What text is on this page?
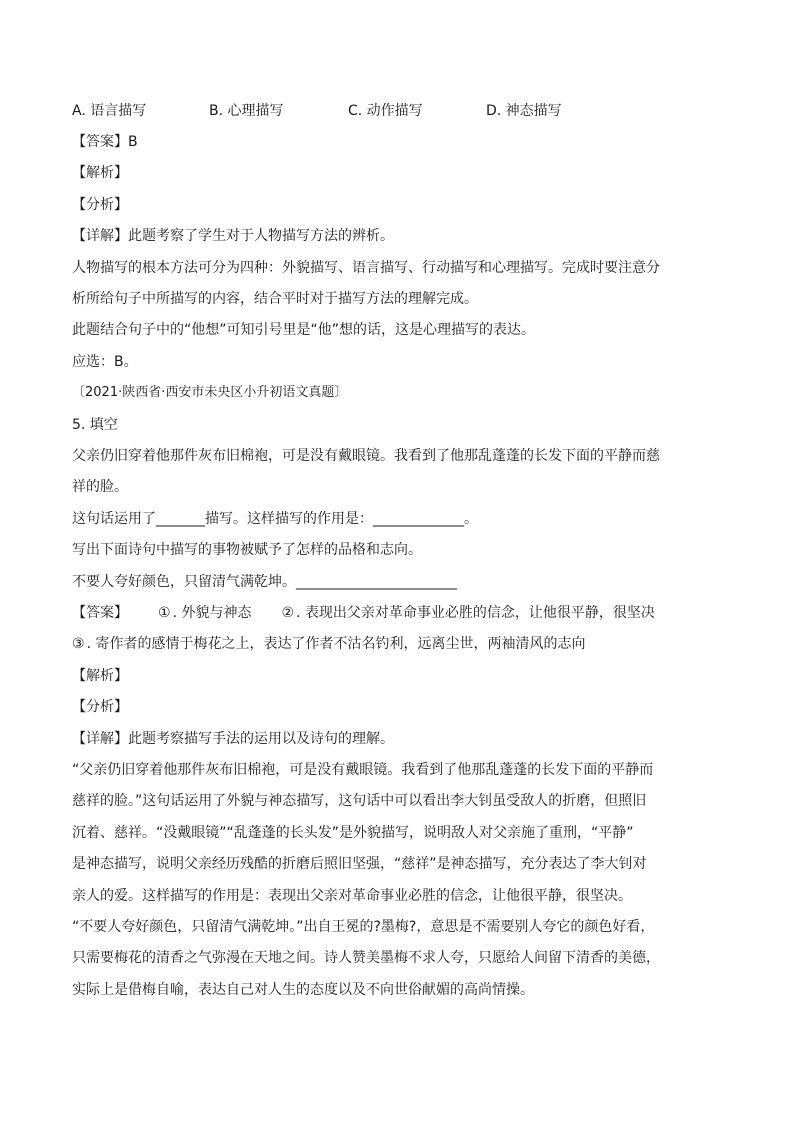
A. 语言描写	B. 心理描写	C. 动作描写	D. 神态描写
【答案】B
【解析】
【分析】
【详解】此题考察了学生对于人物描写方法的辨析。
人物描写的根本方法可分为四种：外貌描写、语言描写、行动描写和心理描写。完成时要注意分
析所给句子中所描写的内容，结合平时对于描写方法的理解完成。
此题结合句子中的“他想”可知引号里是“他”想的话，这是心理描写的表达。
应选：B。
〔2021·陕西省·西安市未央区小升初语文真题〕
5. 填空
父亲仍旧穿着他那件灰布旧棉袍，可是没有戴眼镜。我看到了他那乱蓬蓬的长发下面的平静而慈
祥的脸。
这句话运用了_______描写。这样描写的作用是：_____________。
写出下面诗句中描写的事物被赋予了怎样的品格和志向。
不要人夸好颜色，只留清气满乾坤。_______________________
【答案】 ① . 外貌与神态 ② . 表现出父亲对革命事业必胜的信念，让他很平静，很坚决
③ . 寄作者的感情于梅花之上，表达了作者不沽名钓利，远离尘世，两袖清风的志向
【解析】
【分析】
【详解】此题考察描写手法的运用以及诗句的理解。
“父亲仍旧穿着他那件灰布旧棉袍，可是没有戴眼镜。我看到了他那乱蓬蓬的长发下面的平静而
慈祥的脸。”这句话运用了外貌与神态描写，这句话中可以看出李大钊虽受敌人的折磨，但照旧
沉着、慈祥。“没戴眼镜”“乱蓬蓬的长头发”是外貌描写，说明敌人对父亲施了重刑，“平静”
是神态描写，说明父亲经历残酷的折磨后照旧坚强，“慈祥”是神态描写，充分表达了李大钊对
亲人的爱。这样描写的作用是：表现出父亲对革命事业必胜的信念，让他很平静，很坚决。
“不要人夸好颜色，只留清气满乾坤。”出自王冕的?墨梅?，意思是不需要别人夸它的颜色好看，
只需要梅花的清香之气弥漫在天地之间。诗人赞美墨梅不求人夸，只愿给人间留下清香的美德，
实际上是借梅自喻，表达自己对人生的态度以及不向世俗献媚的高尚情操。
